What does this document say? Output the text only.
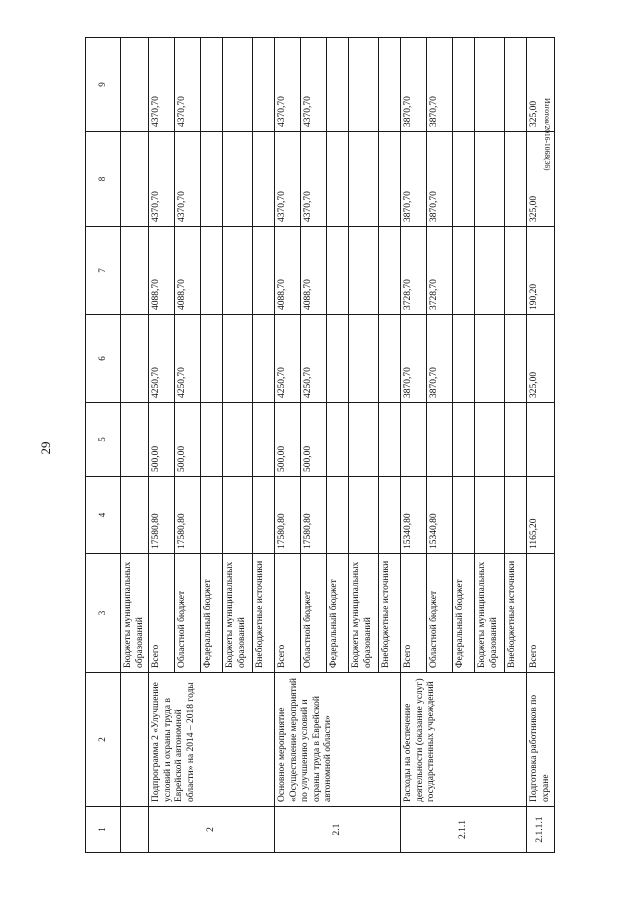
29
Изготов/2016-1068(36)
1	2	3	4	5	6	7	8	9
		Бюджеты муниципальных образований						
2	Подпрограмма 2 «Улучшение условий и охраны труда в Еврейской автономной области» на 2014 – 2018 годы	Всего	17580,80	500,00	4250,70	4088,70	4370,70	4370,70
		Областной бюджет	17580,80	500,00	4250,70	4088,70	4370,70	4370,70
		Федеральный бюджет						
		Бюджеты муниципальных образований						
		Внебюджетные источники						
2.1	Основное мероприятие «Осуществление мероприятий по улучшению условий и охраны труда в Еврейской автономной области»	Всего	17580,80	500,00	4250,70	4088,70	4370,70	4370,70
		Областной бюджет	17580,80	500,00	4250,70	4088,70	4370,70	4370,70
		Федеральный бюджет						
		Бюджеты муниципальных образований						
		Внебюджетные источники						
2.1.1	Расходы на обеспечение деятельности (оказание услуг) государственных учреждений	Всего	15340,80		3870,70	3728,70	3870,70	3870,70
		Областной бюджет	15340,80		3870,70	3728,70	3870,70	3870,70
		Федеральный бюджет						
		Бюджеты муниципальных образований						
		Внебюджетные источники						
2.1.1.1	Подготовка работников по охране	Всего	1165,20		325,00	190,20	325,00	325,00
